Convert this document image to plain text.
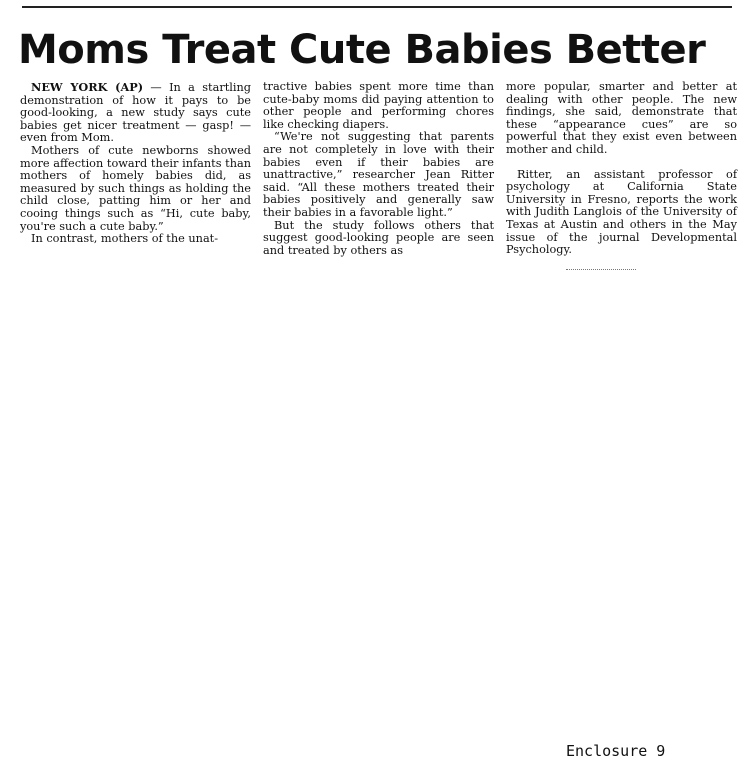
Moms Treat Cute Babies Better

NEW YORK (AP) — In a startling demonstration of how it pays to be good-looking, a new study says cute babies get nicer treatment — gasp! — even from Mom.

Mothers of cute newborns showed more affection toward their infants than mothers of homely babies did, as measured by such things as holding the child close, patting him or her and cooing things such as “Hi, cute baby, you're such a cute baby.”

In contrast, mothers of the unat-

tractive babies spent more time than cute-baby moms did paying attention to other people and performing chores like checking diapers.

“We're not suggesting that parents are not completely in love with their babies even if their babies are unattractive,” researcher Jean Ritter said. “All these mothers treated their babies positively and generally saw their babies in a favorable light.”

But the study follows others that suggest good-looking people are seen and treated by others as

more popular, smarter and better at dealing with other people. The new findings, she said, demonstrate that these “appearance cues” are so powerful that they exist even between mother and child.

Ritter, an assistant professor of psychology at California State University in Fresno, reports the work with Judith Langlois of the University of Texas at Austin and others in the May issue of the journal Developmental Psychology.

Enclosure 9
